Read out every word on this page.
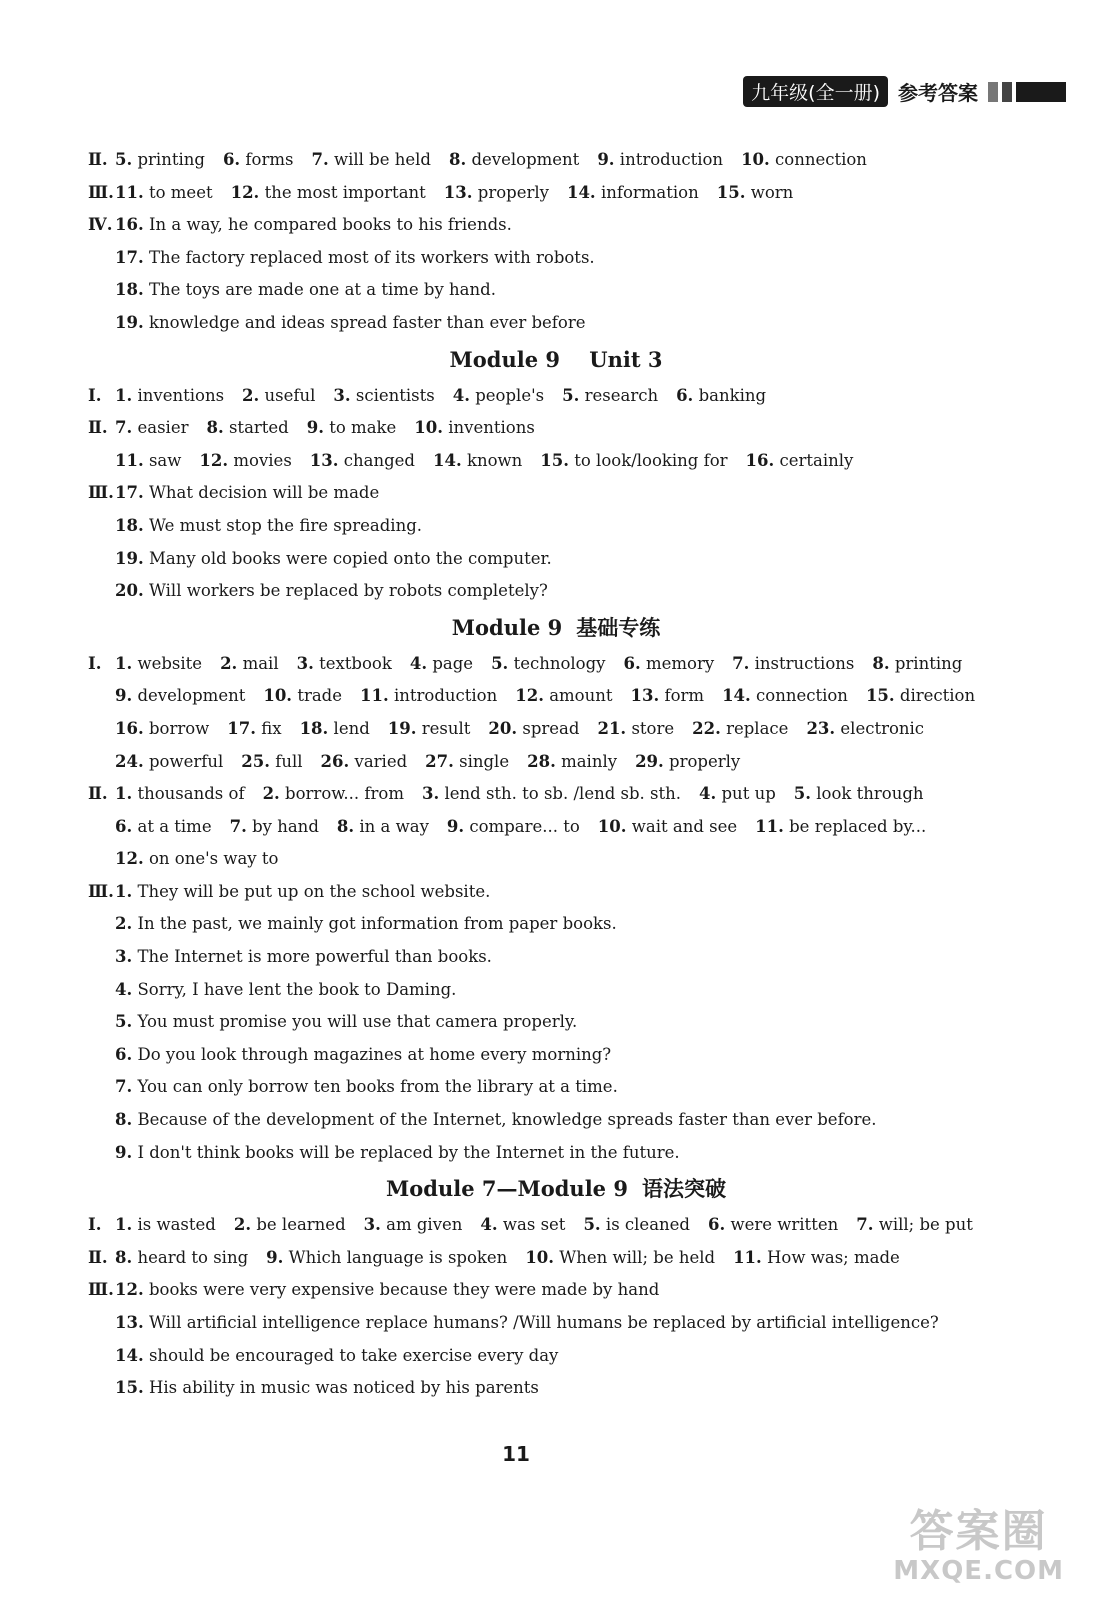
九年级(全一册) 参考答案
Ⅱ. 5. printing 6. forms 7. will be held 8. development 9. introduction 10. connection
Ⅲ. 11. to meet 12. the most important 13. properly 14. information 15. worn
Ⅳ. 16. In a way, he compared books to his friends.
17. The factory replaced most of its workers with robots.
18. The toys are made one at a time by hand.
19. knowledge and ideas spread faster than ever before
Module 9    Unit 3
Ⅰ. 1. inventions 2. useful 3. scientists 4. people's 5. research 6. banking
Ⅱ. 7. easier 8. started 9. to make 10. inventions
11. saw 12. movies 13. changed 14. known 15. to look/looking for 16. certainly
Ⅲ. 17. What decision will be made
18. We must stop the fire spreading.
19. Many old books were copied onto the computer.
20. Will workers be replaced by robots completely?
Module 9 基础专练
Ⅰ. 1. website 2. mail 3. textbook 4. page 5. technology 6. memory 7. instructions 8. printing
9. development 10. trade 11. introduction 12. amount 13. form 14. connection 15. direction
16. borrow 17. fix 18. lend 19. result 20. spread 21. store 22. replace 23. electronic
24. powerful 25. full 26. varied 27. single 28. mainly 29. properly
Ⅱ. 1. thousands of 2. borrow... from 3. lend sth. to sb. /lend sb. sth. 4. put up 5. look through
6. at a time 7. by hand 8. in a way 9. compare... to 10. wait and see 11. be replaced by...
12. on one's way to
Ⅲ. 1. They will be put up on the school website.
2. In the past, we mainly got information from paper books.
3. The Internet is more powerful than books.
4. Sorry, I have lent the book to Daming.
5. You must promise you will use that camera properly.
6. Do you look through magazines at home every morning?
7. You can only borrow ten books from the library at a time.
8. Because of the development of the Internet, knowledge spreads faster than ever before.
9. I don't think books will be replaced by the Internet in the future.
Module 7—Module 9 语法突破
Ⅰ. 1. is wasted 2. be learned 3. am given 4. was set 5. is cleaned 6. were written 7. will; be put
Ⅱ. 8. heard to sing 9. Which language is spoken 10. When will; be held 11. How was; made
Ⅲ. 12. books were very expensive because they were made by hand
13. Will artificial intelligence replace humans? /Will humans be replaced by artificial intelligence?
14. should be encouraged to take exercise every day
15. His ability in music was noticed by his parents
11
答案圈
MXQE.COM
